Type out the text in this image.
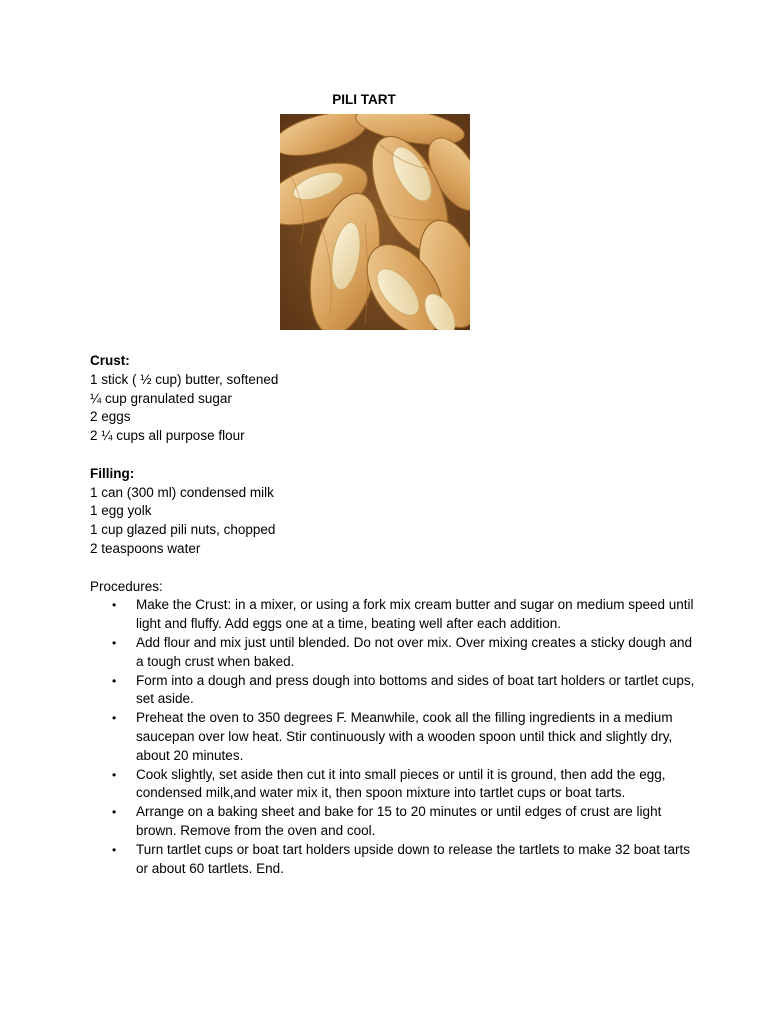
PILI TART
Crust:
1 stick ( ½ cup) butter, softened
¼ cup granulated sugar
2 eggs
2 ¼ cups all purpose flour
Filling:
1 can (300 ml) condensed milk
1 egg yolk
1 cup glazed pili nuts, chopped
2 teaspoons water
Procedures:
• Make the Crust: in a mixer, or using a fork mix cream butter and sugar on medium speed until light and fluffy. Add eggs one at a time, beating well after each addition.
• Add flour and mix just until blended. Do not over mix. Over mixing creates a sticky dough and a tough crust when baked.
• Form into a dough and press dough into bottoms and sides of boat tart holders or tartlet cups, set aside.
• Preheat the oven to 350 degrees F. Meanwhile, cook all the filling ingredients in a medium saucepan over low heat. Stir continuously with a wooden spoon until thick and slightly dry, about 20 minutes.
• Cook slightly, set aside then cut it into small pieces or until it is ground, then add the egg, condensed milk,and water mix it, then spoon mixture into tartlet cups or boat tarts.
• Arrange on a baking sheet and bake for 15 to 20 minutes or until edges of crust are light brown. Remove from the oven and cool.
• Turn tartlet cups or boat tart holders upside down to release the tartlets to make 32 boat tarts or about 60 tartlets. End.
